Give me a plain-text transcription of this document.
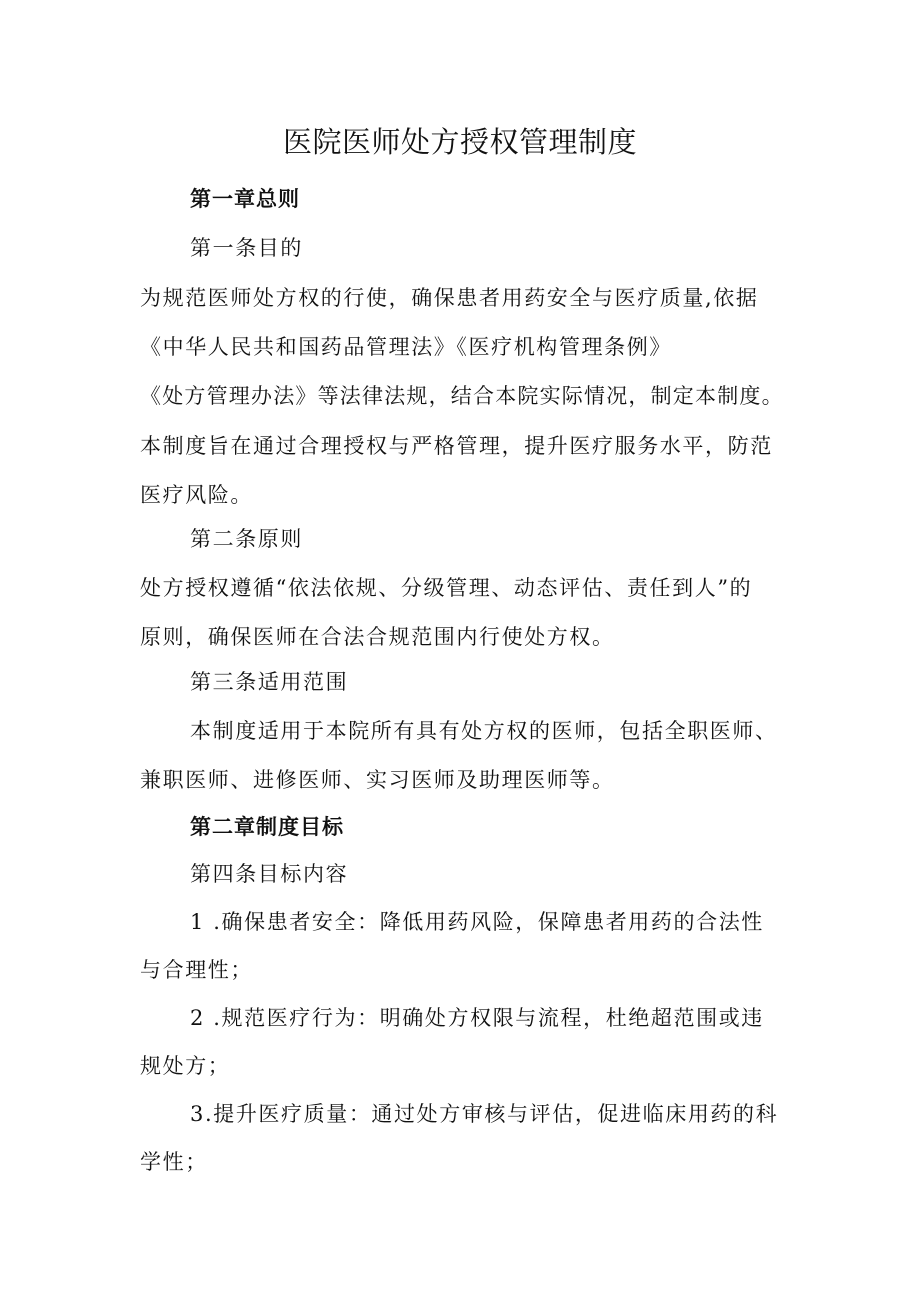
医院医师处方授权管理制度

第一章总则

第一条目的

为规范医师处方权的行使，确保患者用药安全与医疗质量,依据

《中华人民共和国药品管理法》《医疗机构管理条例》

《处方管理办法》等法律法规，结合本院实际情况，制定本制度。

本制度旨在通过合理授权与严格管理，提升医疗服务水平，防范

医疗风险。

第二条原则

处方授权遵循“依法依规、分级管理、动态评估、责任到人”的

原则，确保医师在合法合规范围内行使处方权。

第三条适用范围

本制度适用于本院所有具有处方权的医师，包括全职医师、

兼职医师、进修医师、实习医师及助理医师等。

第二章制度目标

第四条目标内容

1 .确保患者安全：降低用药风险，保障患者用药的合法性

与合理性；

2 .规范医疗行为：明确处方权限与流程，杜绝超范围或违

规处方；

3.提升医疗质量：通过处方审核与评估，促进临床用药的科

学性；
